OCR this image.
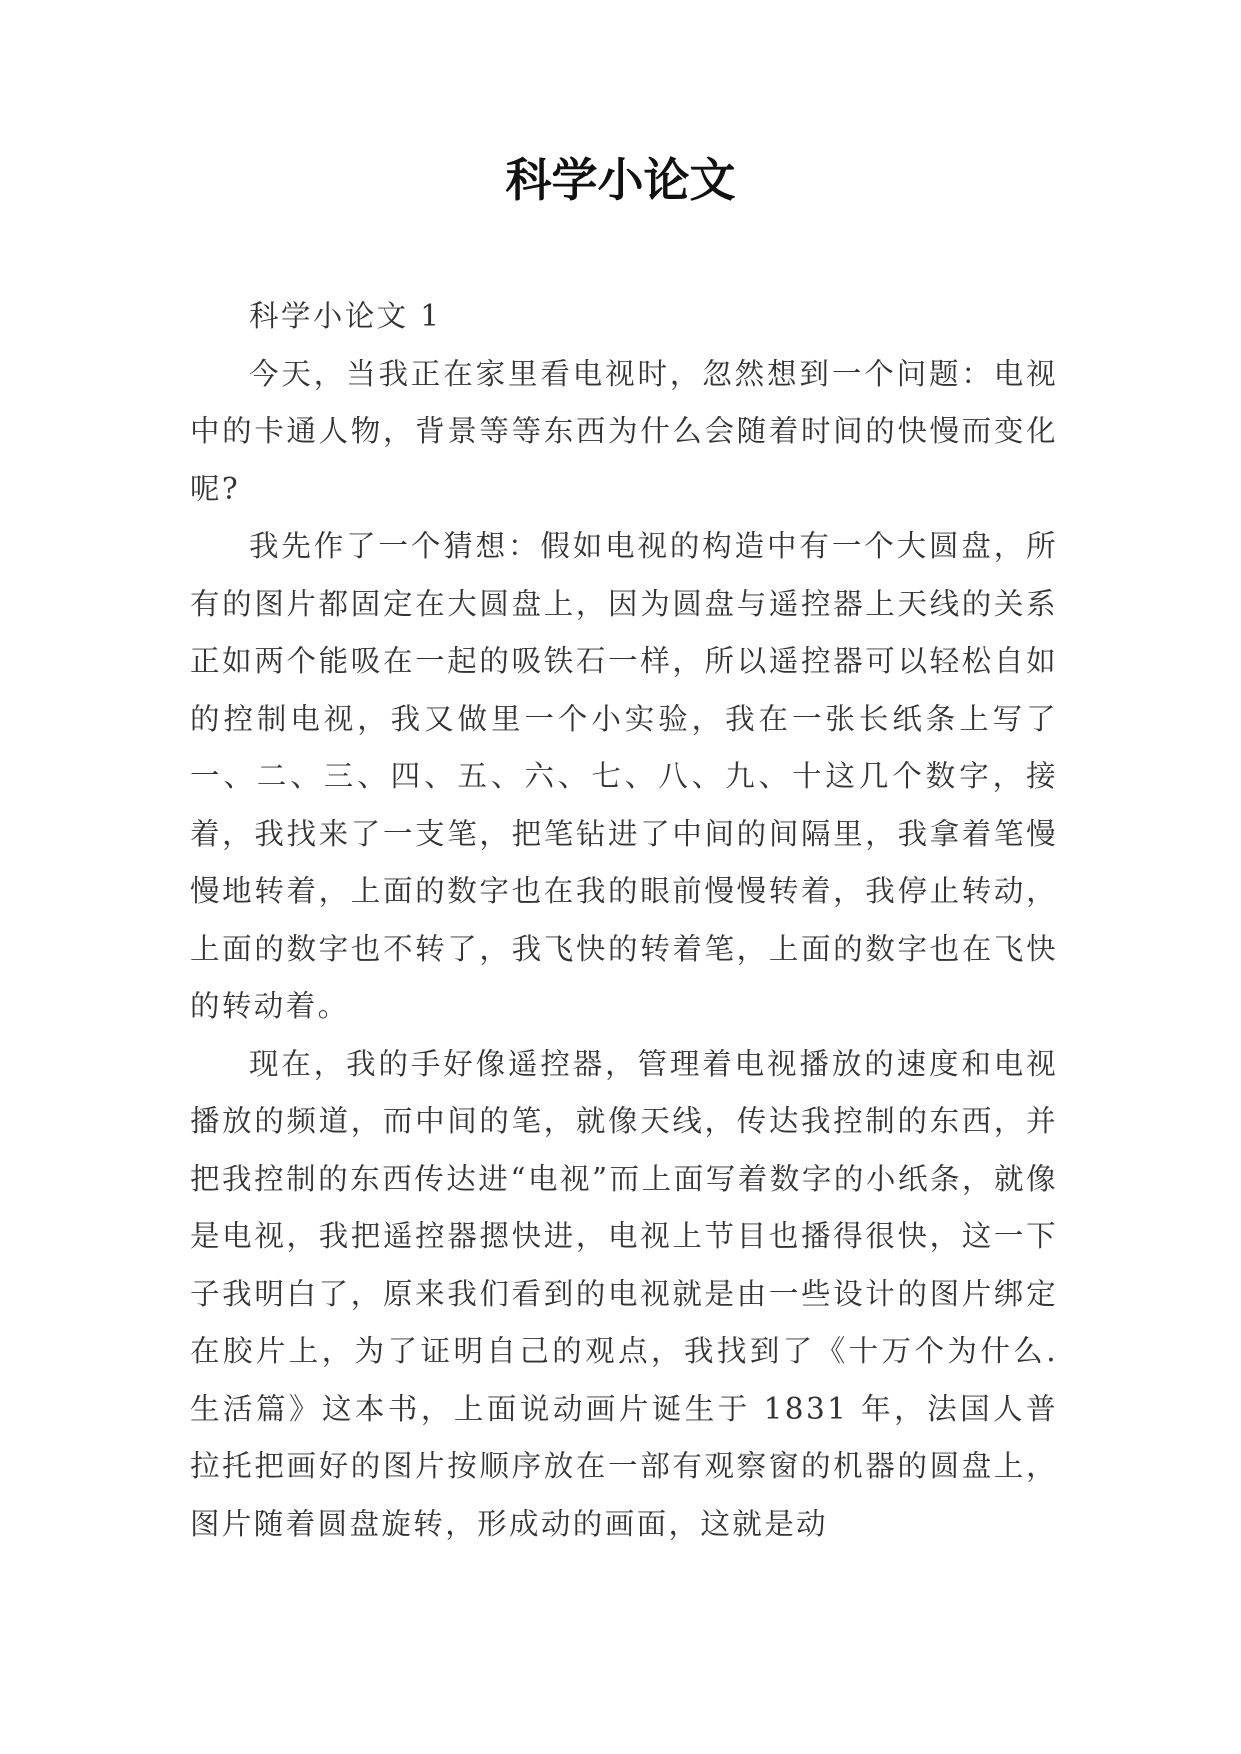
科学小论文

科学小论文 1

今天，当我正在家里看电视时，忽然想到一个问题：电视中的卡通人物，背景等等东西为什么会随着时间的快慢而变化呢?

我先作了一个猜想：假如电视的构造中有一个大圆盘，所有的图片都固定在大圆盘上，因为圆盘与遥控器上天线的关系正如两个能吸在一起的吸铁石一样，所以遥控器可以轻松自如的控制电视，我又做里一个小实验，我在一张长纸条上写了一、二、三、四、五、六、七、八、九、十这几个数字，接着，我找来了一支笔，把笔钻进了中间的间隔里，我拿着笔慢慢地转着，上面的数字也在我的眼前慢慢转着，我停止转动，上面的数字也不转了，我飞快的转着笔，上面的数字也在飞快的转动着。

现在，我的手好像遥控器，管理着电视播放的速度和电视播放的频道，而中间的笔，就像天线，传达我控制的东西，并把我控制的东西传达进“电视”而上面写着数字的小纸条，就像是电视，我把遥控器摁快进，电视上节目也播得很快，这一下子我明白了，原来我们看到的电视就是由一些设计的图片绑定在胶片上，为了证明自己的观点，我找到了《十万个为什么.生活篇》这本书，上面说动画片诞生于 1831 年，法国人普拉托把画好的图片按顺序放在一部有观察窗的机器的圆盘上，图片随着圆盘旋转，形成动的画面，这就是动
